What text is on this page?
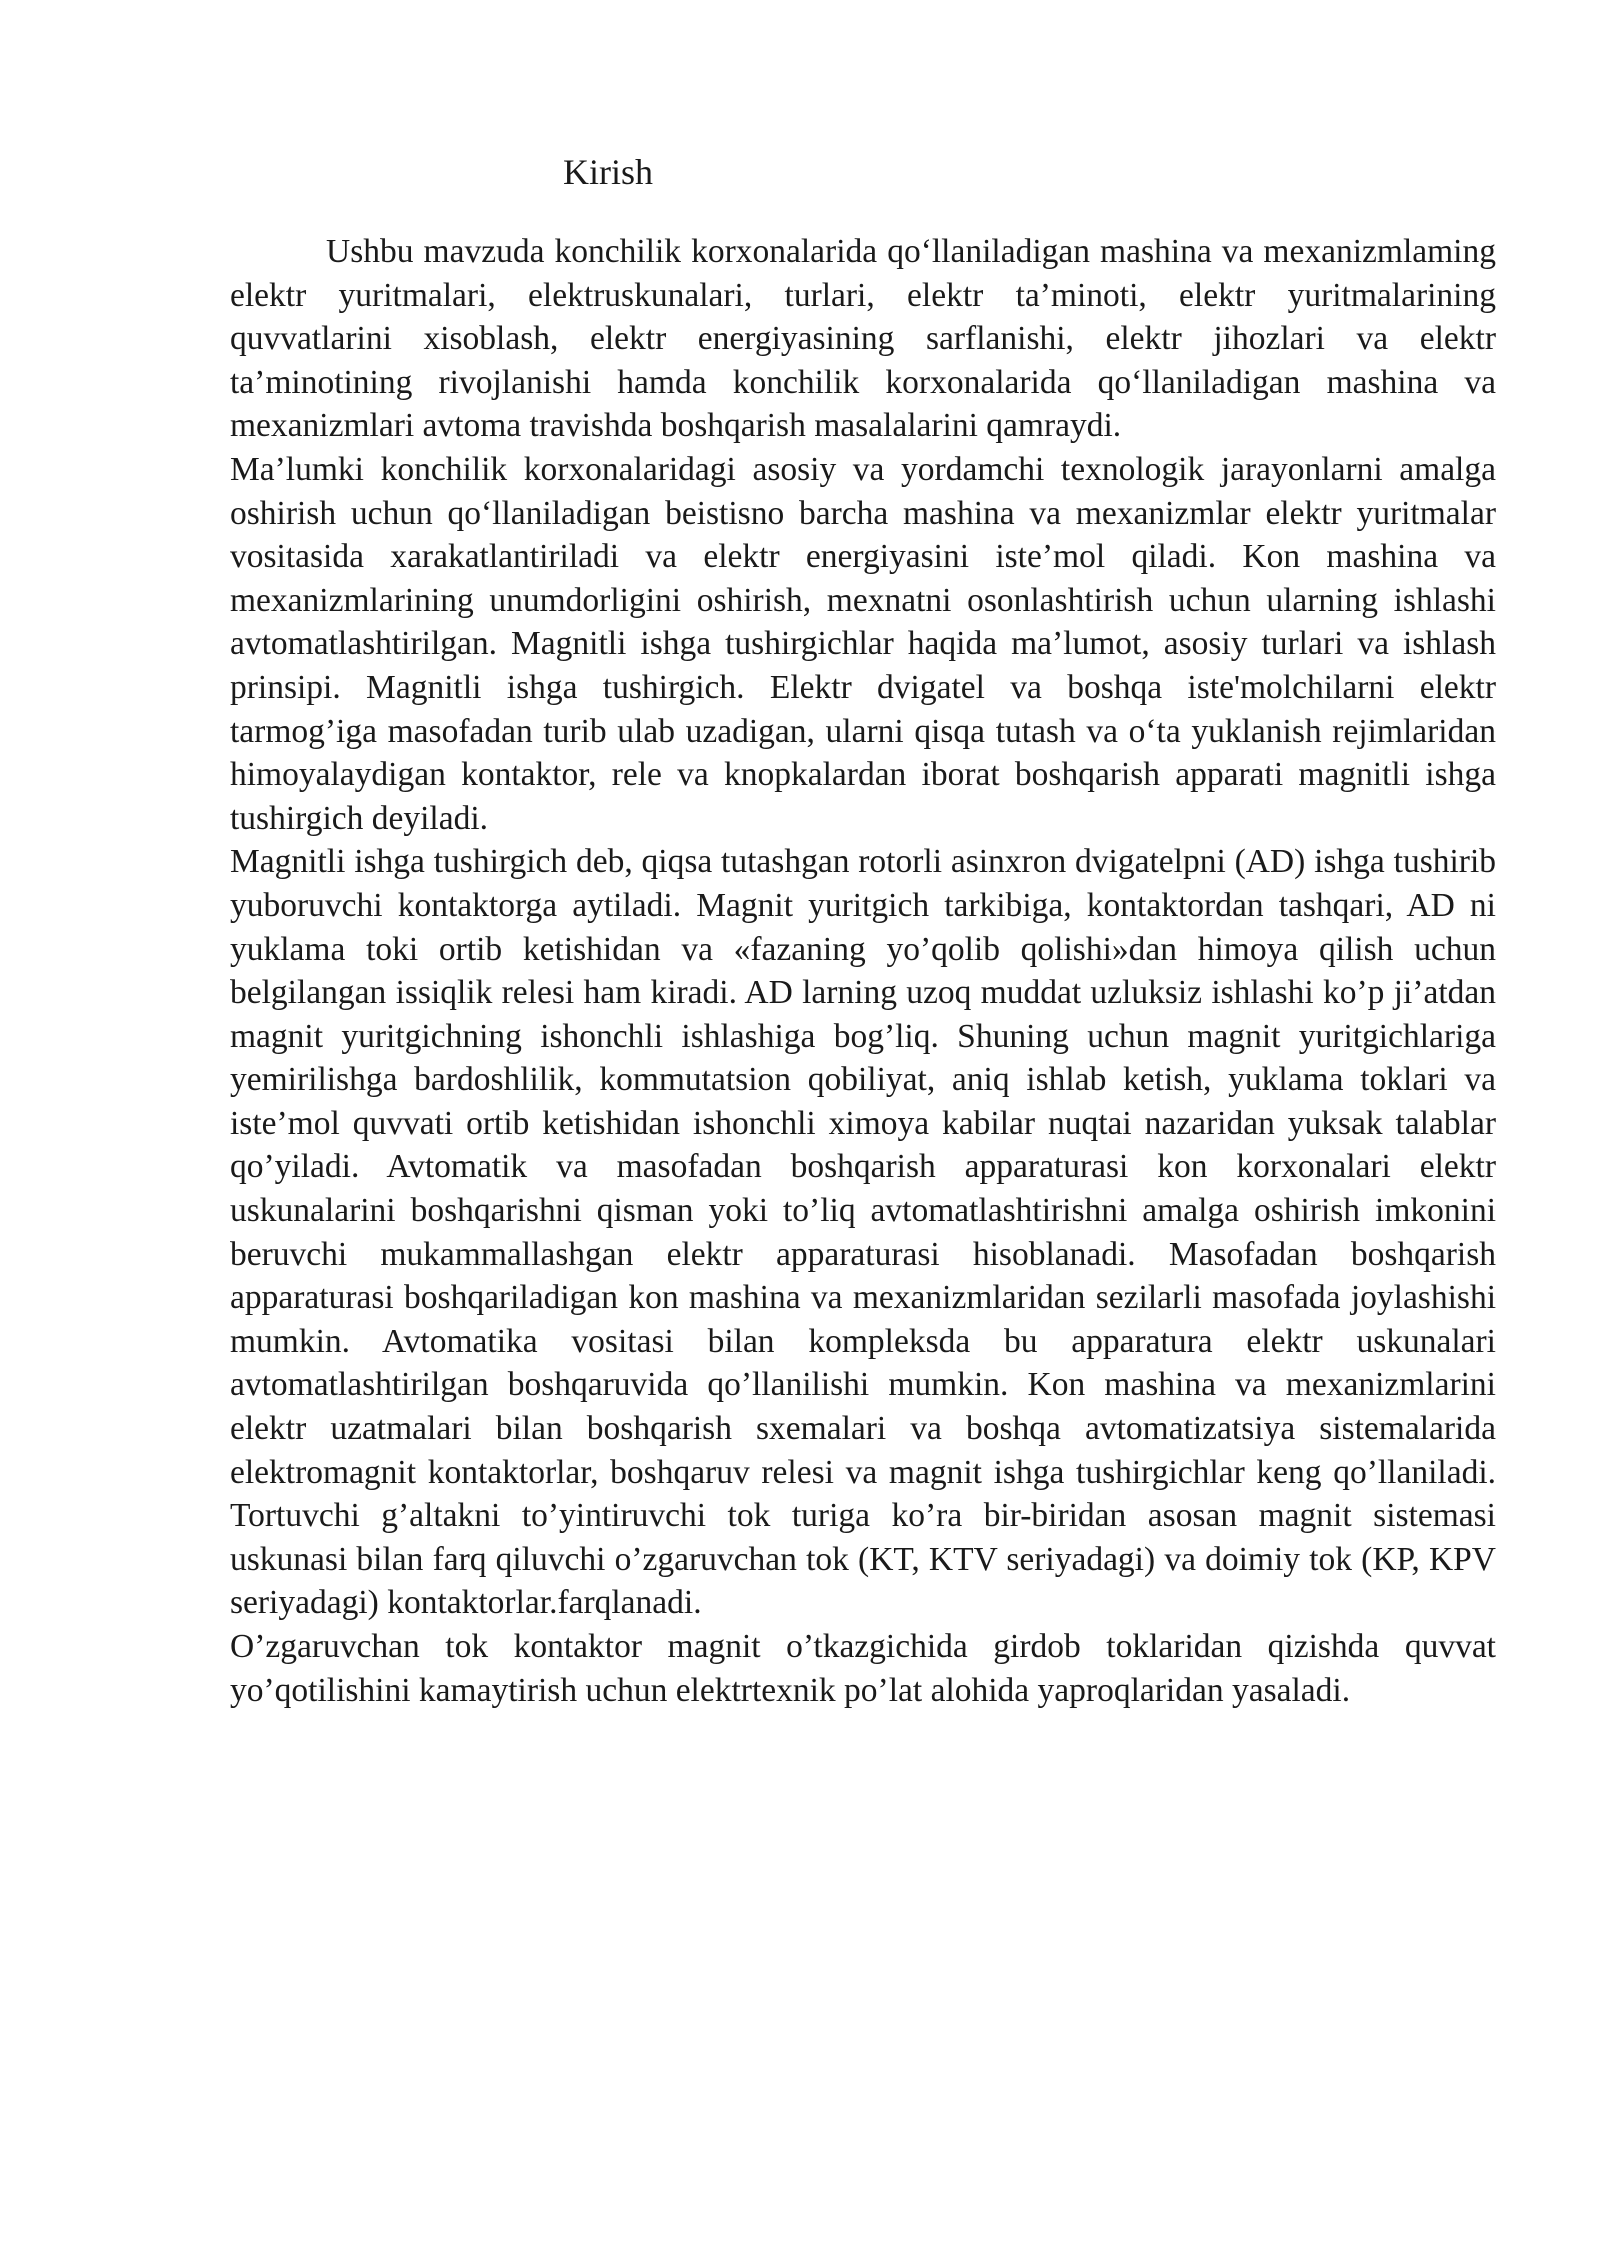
Kirish

Ushbu mavzuda konchilik korxonalarida qo‘llaniladigan mashina va mexanizmlaming elektr yuritmalari, elektruskunalari, turlari, elektr ta’minoti, elektr yuritmalarining quvvatlarini xisoblash, elektr energiyasining sarflanishi, elektr jihozlari va elektr ta’minotining rivojlanishi hamda konchilik korxonalarida qo‘llaniladigan mashina va mexanizmlari avtoma travishda boshqarish masalalarini qamraydi.

Ma’lumki konchilik korxonalaridagi asosiy va yordamchi texnologik jarayonlarni amalga oshirish uchun qo‘llaniladigan beistisno barcha mashina va mexanizmlar elektr yuritmalar vositasida xarakatlantiriladi va elektr energiyasini iste’mol qiladi. Kon mashina va mexanizmlarining unumdorligini oshirish, mexnatni osonlashtirish uchun ularning ishlashi avtomatlashtirilgan. Magnitli ishga tushirgichlar haqida ma’lumot, asosiy turlari va ishlash prinsipi. Magnitli ishga tushirgich. Elektr dvigatel va boshqa iste'molchilarni elektr tarmog’iga masofadan turib ulab uzadigan, ularni qisqa tutash va o‘ta yuklanish rejimlaridan himoyalaydigan kontaktor, rele va knopkalardan iborat boshqarish apparati magnitli ishga tushirgich deyiladi.

Magnitli ishga tushirgich deb, qiqsa tutashgan rotorli asinxron dvigatelpni (AD) ishga tushirib yuboruvchi kontaktorga aytiladi. Magnit yuritgich tarkibiga, kontaktordan tashqari, AD ni yuklama toki ortib ketishidan va «fazaning yo’qolib qolishi»dan himoya qilish uchun belgilangan issiqlik relesi ham kiradi. AD larning uzoq muddat uzluksiz ishlashi ko’p ji’atdan magnit yuritgichning ishonchli ishlashiga bog’liq. Shuning uchun magnit yuritgichlariga yemirilishga bardoshlilik, kommutatsion qobiliyat, aniq ishlab ketish, yuklama toklari va iste’mol quvvati ortib ketishidan ishonchli ximoya kabilar nuqtai nazaridan yuksak talablar qo’yiladi. Avtomatik va masofadan boshqarish apparaturasi kon korxonalari elektr uskunalarini boshqarishni qisman yoki to’liq avtomatlashtirishni amalga oshirish imkonini beruvchi mukammallashgan elektr apparaturasi hisoblanadi. Masofadan boshqarish apparaturasi boshqariladigan kon mashina va mexanizmlaridan sezilarli masofada joylashishi mumkin. Avtomatika vositasi bilan kompleksda bu apparatura elektr uskunalari avtomatlashtirilgan boshqaruvida qo’llanilishi mumkin. Kon mashina va mexanizmlarini elektr uzatmalari bilan boshqarish sxemalari va boshqa avtomatizatsiya sistemalarida elektromagnit kontaktorlar, boshqaruv relesi va magnit ishga tushirgichlar keng qo’llaniladi. Tortuvchi g’altakni to’yintiruvchi tok turiga ko’ra bir-biridan asosan magnit sistemasi uskunasi bilan farq qiluvchi o’zgaruvchan tok (KT, KTV seriyadagi) va doimiy tok (KP, KPV seriyadagi) kontaktorlar.farqlanadi.

O’zgaruvchan tok kontaktor magnit o’tkazgichida girdob toklaridan qizishda quvvat yo’qotilishini kamaytirish uchun elektrtexnik po’lat alohida yaproqlaridan yasaladi.
